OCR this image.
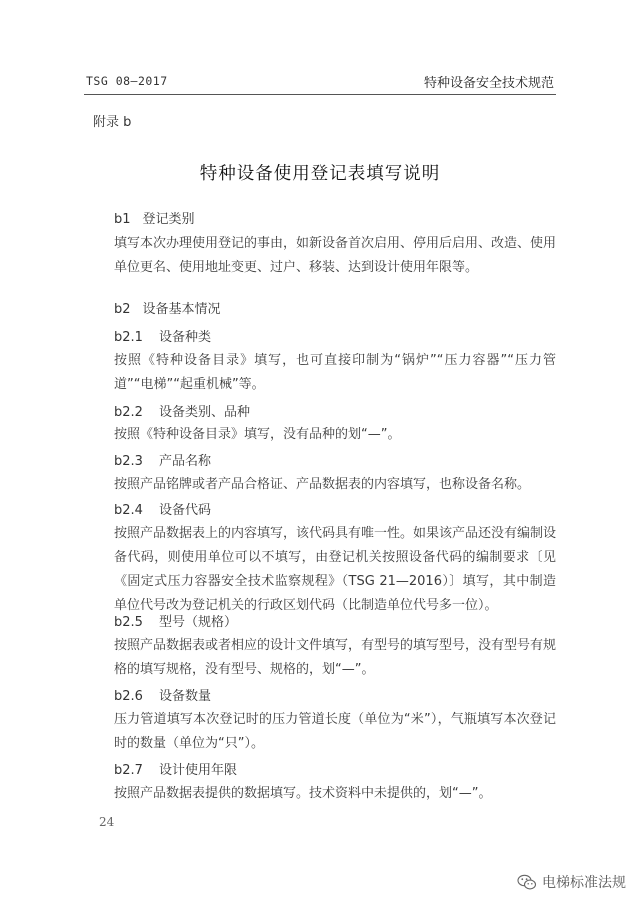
TSG 08—2017	特种设备安全技术规范
附录 b
特种设备使用登记表填写说明
b1 登记类别
填写本次办理使用登记的事由，如新设备首次启用、停用后启用、改造、使用单位更名、使用地址变更、过户、移装、达到设计使用年限等。
b2 设备基本情况
b2.1 设备种类
按照《特种设备目录》填写，也可直接印制为“锅炉”“压力容器”“压力管道”“电梯”“起重机械”等。
b2.2 设备类别、品种
按照《特种设备目录》填写，没有品种的划“—”。
b2.3 产品名称
按照产品铭牌或者产品合格证、产品数据表的内容填写，也称设备名称。
b2.4 设备代码
按照产品数据表上的内容填写，该代码具有唯一性。如果该产品还没有编制设备代码，则使用单位可以不填写，由登记机关按照设备代码的编制要求〔见《固定式压力容器安全技术监察规程》（TSG 21—2016）〕填写，其中制造单位代号改为登记机关的行政区划代码（比制造单位代号多一位）。
b2.5 型号（规格）
按照产品数据表或者相应的设计文件填写，有型号的填写型号，没有型号有规格的填写规格，没有型号、规格的，划“—”。
b2.6 设备数量
压力管道填写本次登记时的压力管道长度（单位为“米”），气瓶填写本次登记时的数量（单位为“只”）。
b2.7 设计使用年限
按照产品数据表提供的数据填写。技术资料中未提供的，划“—”。
24
电梯标准法规
